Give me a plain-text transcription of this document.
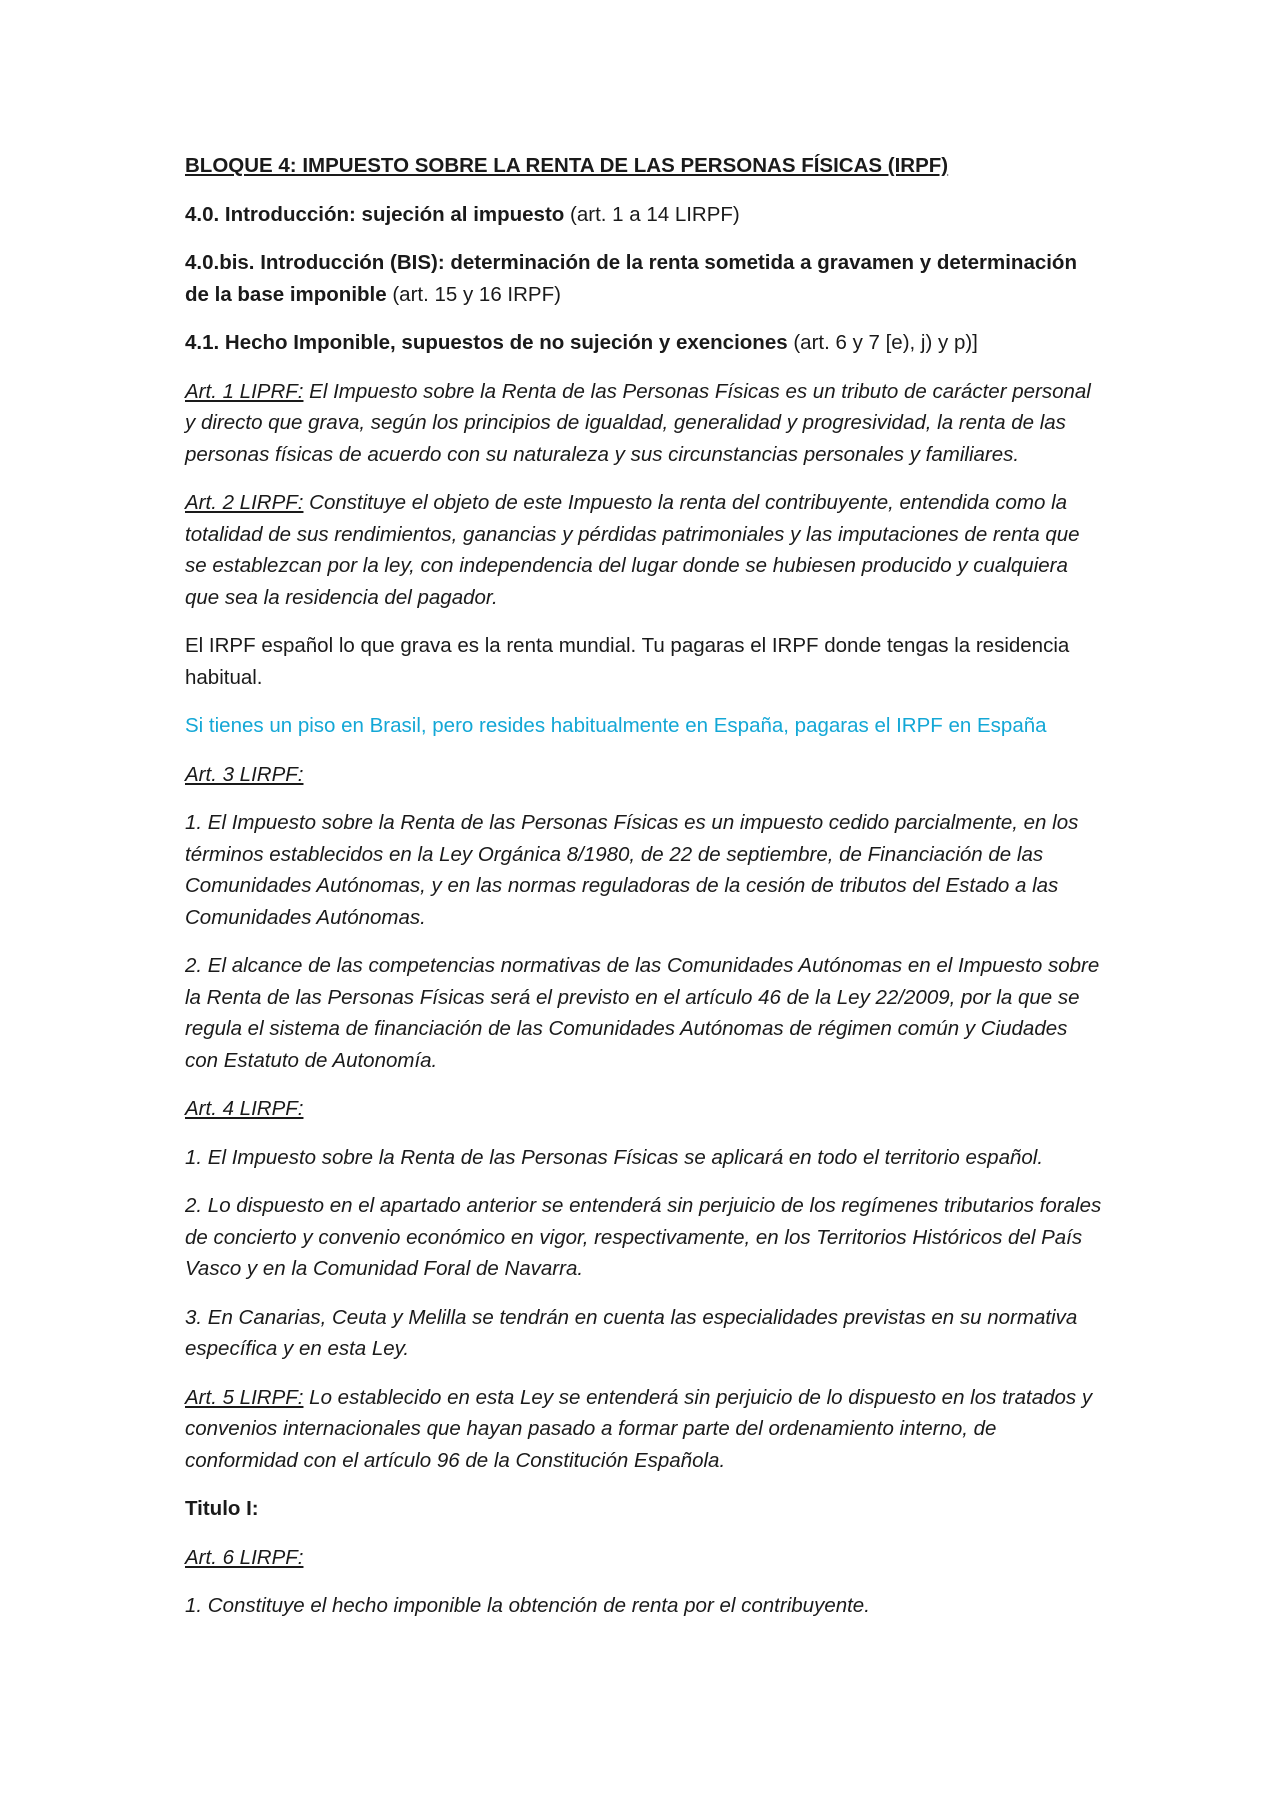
BLOQUE 4: IMPUESTO SOBRE LA RENTA DE LAS PERSONAS FÍSICAS (IRPF)

4.0. Introducción: sujeción al impuesto (art. 1 a 14 LIRPF)

4.0.bis. Introducción (BIS): determinación de la renta sometida a gravamen y determinación de la base imponible (art. 15 y 16 IRPF)

4.1. Hecho Imponible, supuestos de no sujeción y exenciones (art. 6 y 7 [e), j) y p)]

Art. 1 LIPRF: El Impuesto sobre la Renta de las Personas Físicas es un tributo de carácter personal y directo que grava, según los principios de igualdad, generalidad y progresividad, la renta de las personas físicas de acuerdo con su naturaleza y sus circunstancias personales y familiares.

Art. 2 LIRPF: Constituye el objeto de este Impuesto la renta del contribuyente, entendida como la totalidad de sus rendimientos, ganancias y pérdidas patrimoniales y las imputaciones de renta que se establezcan por la ley, con independencia del lugar donde se hubiesen producido y cualquiera que sea la residencia del pagador.

El IRPF español lo que grava es la renta mundial. Tu pagaras el IRPF donde tengas la residencia habitual.

Si tienes un piso en Brasil, pero resides habitualmente en España, pagaras el IRPF en España

Art. 3 LIRPF:

1. El Impuesto sobre la Renta de las Personas Físicas es un impuesto cedido parcialmente, en los términos establecidos en la Ley Orgánica 8/1980, de 22 de septiembre, de Financiación de las Comunidades Autónomas, y en las normas reguladoras de la cesión de tributos del Estado a las Comunidades Autónomas.

2. El alcance de las competencias normativas de las Comunidades Autónomas en el Impuesto sobre la Renta de las Personas Físicas será el previsto en el artículo 46 de la Ley 22/2009, por la que se regula el sistema de financiación de las Comunidades Autónomas de régimen común y Ciudades con Estatuto de Autonomía.

Art. 4 LIRPF:

1. El Impuesto sobre la Renta de las Personas Físicas se aplicará en todo el territorio español.

2. Lo dispuesto en el apartado anterior se entenderá sin perjuicio de los regímenes tributarios forales de concierto y convenio económico en vigor, respectivamente, en los Territorios Históricos del País Vasco y en la Comunidad Foral de Navarra.

3. En Canarias, Ceuta y Melilla se tendrán en cuenta las especialidades previstas en su normativa específica y en esta Ley.

Art. 5 LIRPF: Lo establecido en esta Ley se entenderá sin perjuicio de lo dispuesto en los tratados y convenios internacionales que hayan pasado a formar parte del ordenamiento interno, de conformidad con el artículo 96 de la Constitución Española.

Titulo I:

Art. 6 LIRPF:

1. Constituye el hecho imponible la obtención de renta por el contribuyente.
